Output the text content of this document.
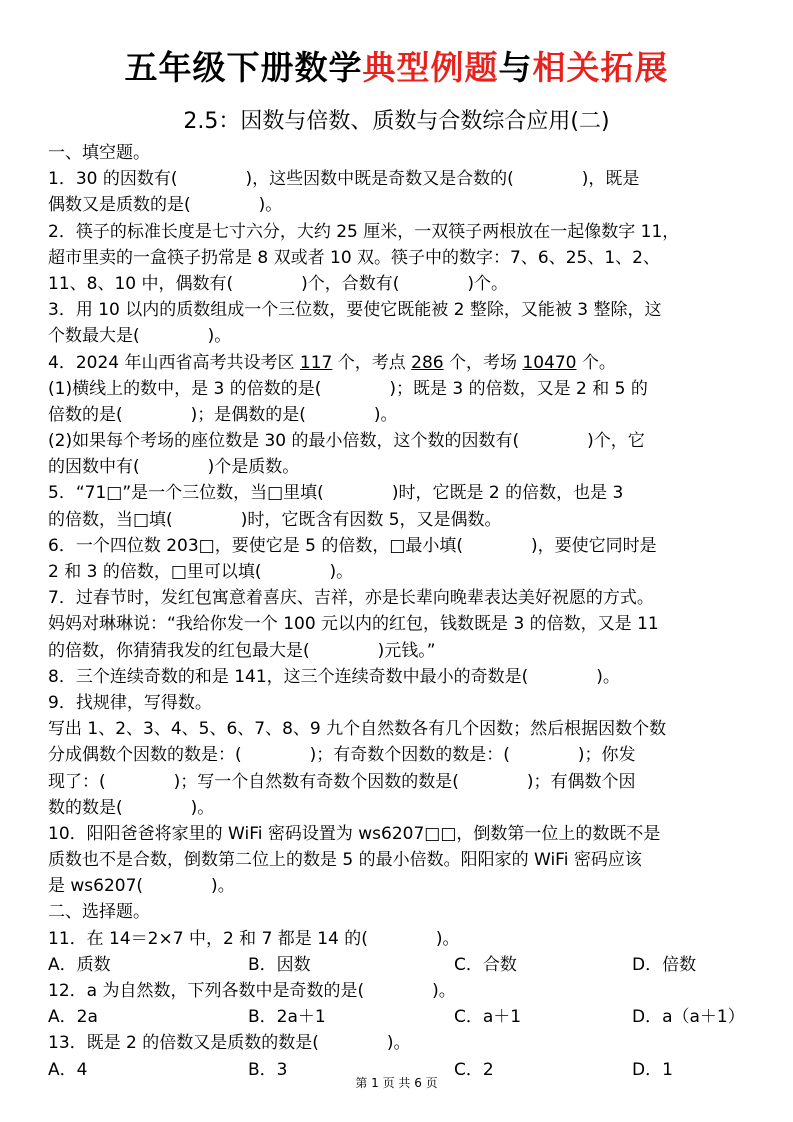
五年级下册数学典型例题与相关拓展
2.5：因数与倍数、质数与合数综合应用(二)
一、填空题。
1．30 的因数有(　　　　)，这些因数中既是奇数又是合数的(　　　　)，既是
偶数又是质数的是(　　　　)。
2．筷子的标准长度是七寸六分，大约 25 厘米，一双筷子两根放在一起像数字 11，
超市里卖的一盒筷子扔常是 8 双或者 10 双。筷子中的数字：7、6、25、1、2、
11、8、10 中，偶数有(　　　　)个，合数有(　　　　)个。
3．用 10 以内的质数组成一个三位数，要使它既能被 2 整除，又能被 3 整除，这
个数最大是(　　　　)。
4．2024 年山西省高考共设考区 117 个，考点 286 个，考场 10470 个。
(1)横线上的数中，是 3 的倍数的是(　　　　)；既是 3 的倍数，又是 2 和 5 的
倍数的是(　　　　)；是偶数的是(　　　　)。
(2)如果每个考场的座位数是 30 的最小倍数，这个数的因数有(　　　　)个，它
的因数中有(　　　　)个是质数。
5．“71□”是一个三位数，当□里填(　　　　)时，它既是 2 的倍数，也是 3
的倍数，当□填(　　　　)时，它既含有因数 5，又是偶数。
6．一个四位数 203□，要使它是 5 的倍数，□最小填(　　　　)，要使它同时是
2 和 3 的倍数，□里可以填(　　　　)。
7．过春节时，发红包寓意着喜庆、吉祥，亦是长辈向晚辈表达美好祝愿的方式。
妈妈对琳琳说：“我给你发一个 100 元以内的红包，钱数既是 3 的倍数，又是 11
的倍数，你猜猜我发的红包最大是(　　　　)元钱。”
8．三个连续奇数的和是 141，这三个连续奇数中最小的奇数是(　　　　)。
9．找规律，写得数。
写出 1、2、3、4、5、6、7、8、9 九个自然数各有几个因数；然后根据因数个数
分成偶数个因数的数是：(　　　　)；有奇数个因数的数是：(　　　　)；你发
现了：(　　　　)；写一个自然数有奇数个因数的数是(　　　　)；有偶数个因
数的数是(　　　　)。
10．阳阳爸爸将家里的 WiFi 密码设置为 ws6207□□，倒数第一位上的数既不是
质数也不是合数，倒数第二位上的数是 5 的最小倍数。阳阳家的 WiFi 密码应该
是 ws6207(　　　　)。
二、选择题。
11．在 14＝2×7 中，2 和 7 都是 14 的(　　　　)。
A．质数	B．因数	C．合数	D．倍数
12．a 为自然数，下列各数中是奇数的是(　　　　)。
A．2a	B．2a＋1	C．a＋1	D．a（a＋1）
13．既是 2 的倍数又是质数的数是(　　　　)。
A．4	B．3	C．2	D．1
第 1 页 共 6 页
